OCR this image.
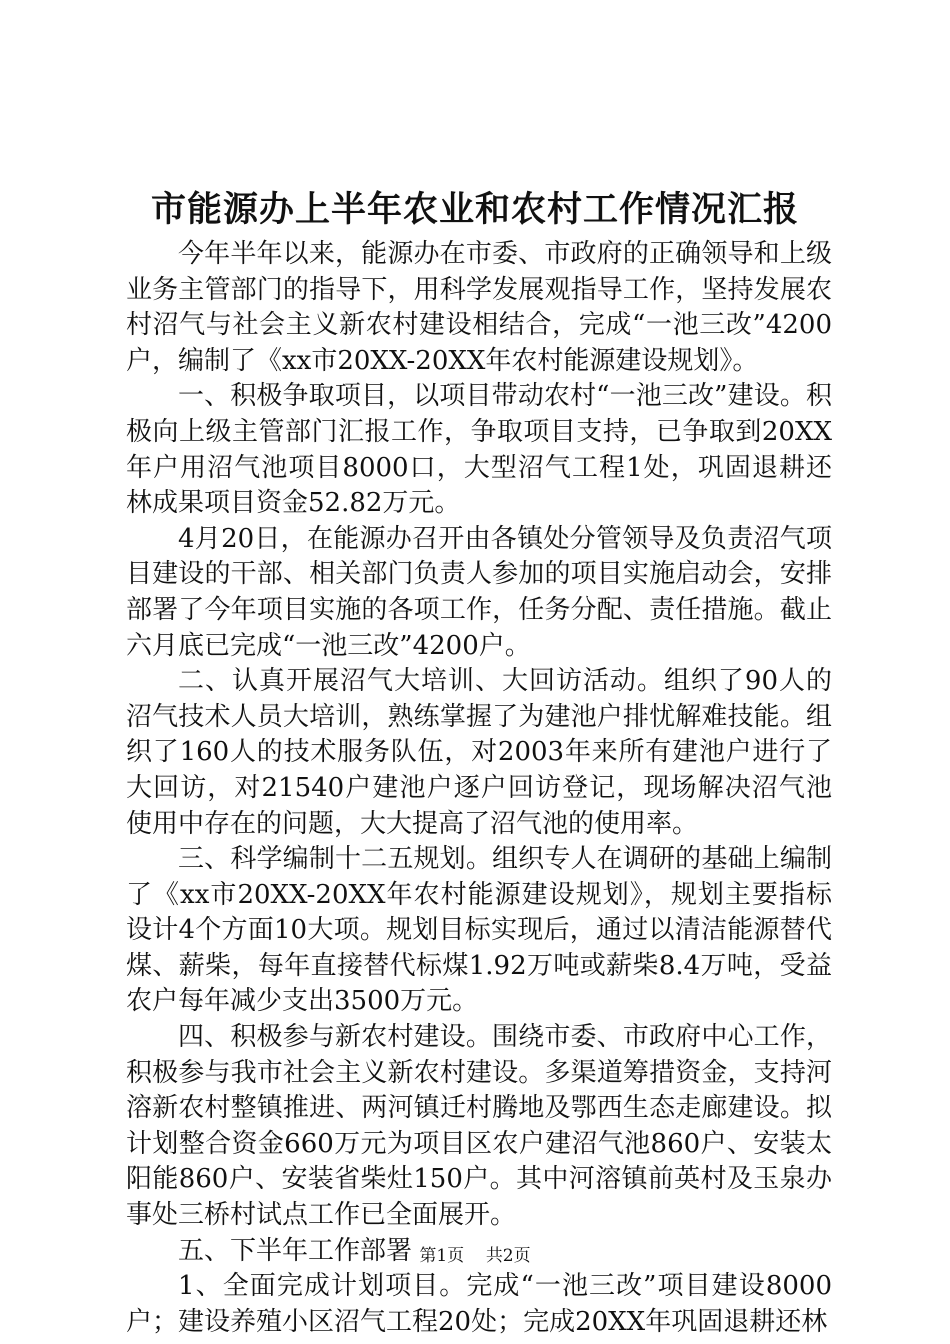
市能源办上半年农业和农村工作情况汇报

今年半年以来，能源办在市委、市政府的正确领导和上级业务主管部门的指导下，用科学发展观指导工作，坚持发展农村沼气与社会主义新农村建设相结合，完成“一池三改”4200户，编制了《xx市20XX-20XX年农村能源建设规划》。

一、积极争取项目，以项目带动农村“一池三改”建设。积极向上级主管部门汇报工作，争取项目支持，已争取到20XX年户用沼气池项目8000口，大型沼气工程1处，巩固退耕还林成果项目资金52.82万元。

4月20日，在能源办召开由各镇处分管领导及负责沼气项目建设的干部、相关部门负责人参加的项目实施启动会，安排部署了今年项目实施的各项工作，任务分配、责任措施。截止六月底已完成“一池三改”4200户。

二、认真开展沼气大培训、大回访活动。组织了90人的沼气技术人员大培训，熟练掌握了为建池户排忧解难技能。组织了160人的技术服务队伍，对2003年来所有建池户进行了大回访，对21540户建池户逐户回访登记，现场解决沼气池使用中存在的问题，大大提高了沼气池的使用率。

三、科学编制十二五规划。组织专人在调研的基础上编制了《xx市20XX-20XX年农村能源建设规划》，规划主要指标设计4个方面10大项。规划目标实现后，通过以清洁能源替代煤、薪柴，每年直接替代标煤1.92万吨或薪柴8.4万吨，受益农户每年减少支出3500万元。

四、积极参与新农村建设。围绕市委、市政府中心工作，积极参与我市社会主义新农村建设。多渠道筹措资金，支持河溶新农村整镇推进、两河镇迁村腾地及鄂西生态走廊建设。拟计划整合资金660万元为项目区农户建沼气池860户、安装太阳能860户、安装省柴灶150户。其中河溶镇前英村及玉泉办事处三桥村试点工作已全面展开。

五、下半年工作部署

1、全面完成计划项目。完成“一池三改”项目建设8000户；建设养殖小区沼气工程20处；完成20XX年巩固退耕还林

第1页 共2页
